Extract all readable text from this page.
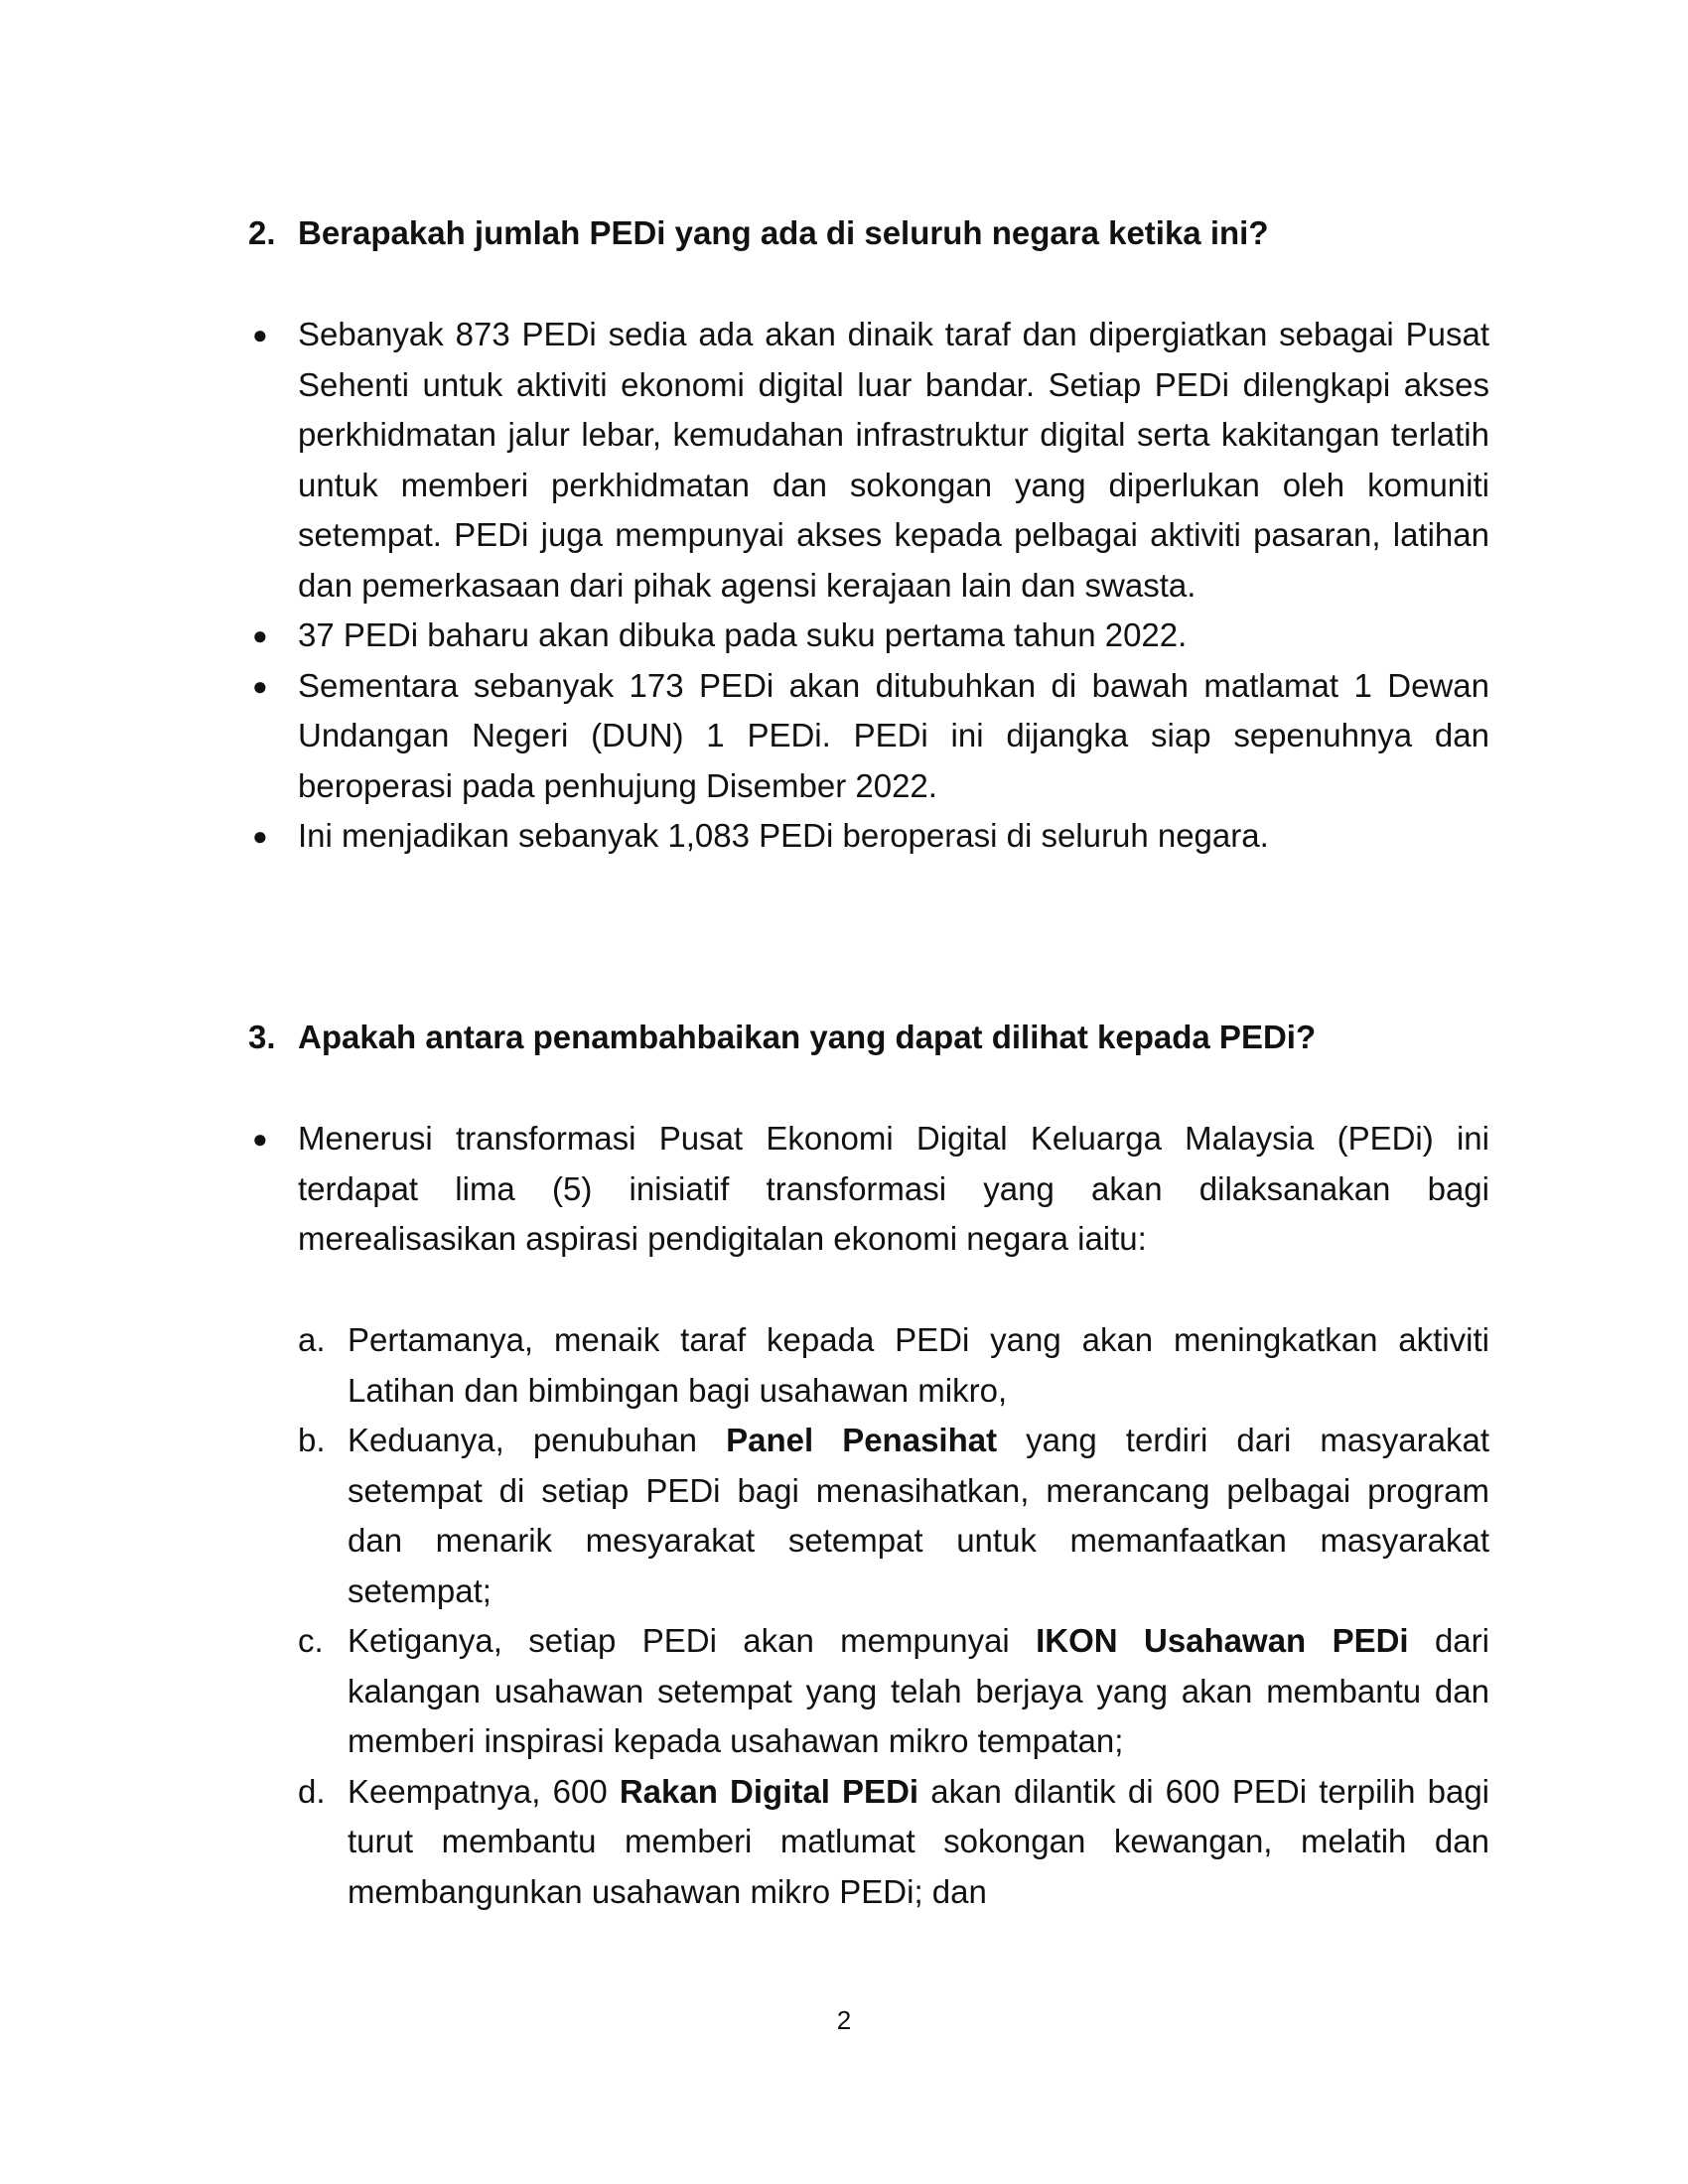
2. Berapakah jumlah PEDi yang ada di seluruh negara ketika ini?
● Sebanyak 873 PEDi sedia ada akan dinaik taraf dan dipergiatkan sebagai Pusat Sehenti untuk aktiviti ekonomi digital luar bandar. Setiap PEDi dilengkapi akses perkhidmatan jalur lebar, kemudahan infrastruktur digital serta kakitangan terlatih untuk memberi perkhidmatan dan sokongan yang diperlukan oleh komuniti setempat. PEDi juga mempunyai akses kepada pelbagai aktiviti pasaran, latihan dan pemerkasaan dari pihak agensi kerajaan lain dan swasta.
● 37 PEDi baharu akan dibuka pada suku pertama tahun 2022.
● Sementara sebanyak 173 PEDi akan ditubuhkan di bawah matlamat 1 Dewan Undangan Negeri (DUN) 1 PEDi. PEDi ini dijangka siap sepenuhnya dan beroperasi pada penhujung Disember 2022.
● Ini menjadikan sebanyak 1,083 PEDi beroperasi di seluruh negara.
3. Apakah antara penambahbaikan yang dapat dilihat kepada PEDi?
● Menerusi transformasi Pusat Ekonomi Digital Keluarga Malaysia (PEDi) ini terdapat lima (5) inisiatif transformasi yang akan dilaksanakan bagi merealisasikan aspirasi pendigitalan ekonomi negara iaitu:
a. Pertamanya, menaik taraf kepada PEDi yang akan meningkatkan aktiviti Latihan dan bimbingan bagi usahawan mikro,
b. Keduanya, penubuhan Panel Penasihat yang terdiri dari masyarakat setempat di setiap PEDi bagi menasihatkan, merancang pelbagai program dan menarik mesyarakat setempat untuk memanfaatkan masyarakat setempat;
c. Ketiganya, setiap PEDi akan mempunyai IKON Usahawan PEDi dari kalangan usahawan setempat yang telah berjaya yang akan membantu dan memberi inspirasi kepada usahawan mikro tempatan;
d. Keempatnya, 600 Rakan Digital PEDi akan dilantik di 600 PEDi terpilih bagi turut membantu memberi matlumat sokongan kewangan, melatih dan membangunkan usahawan mikro PEDi; dan
2
